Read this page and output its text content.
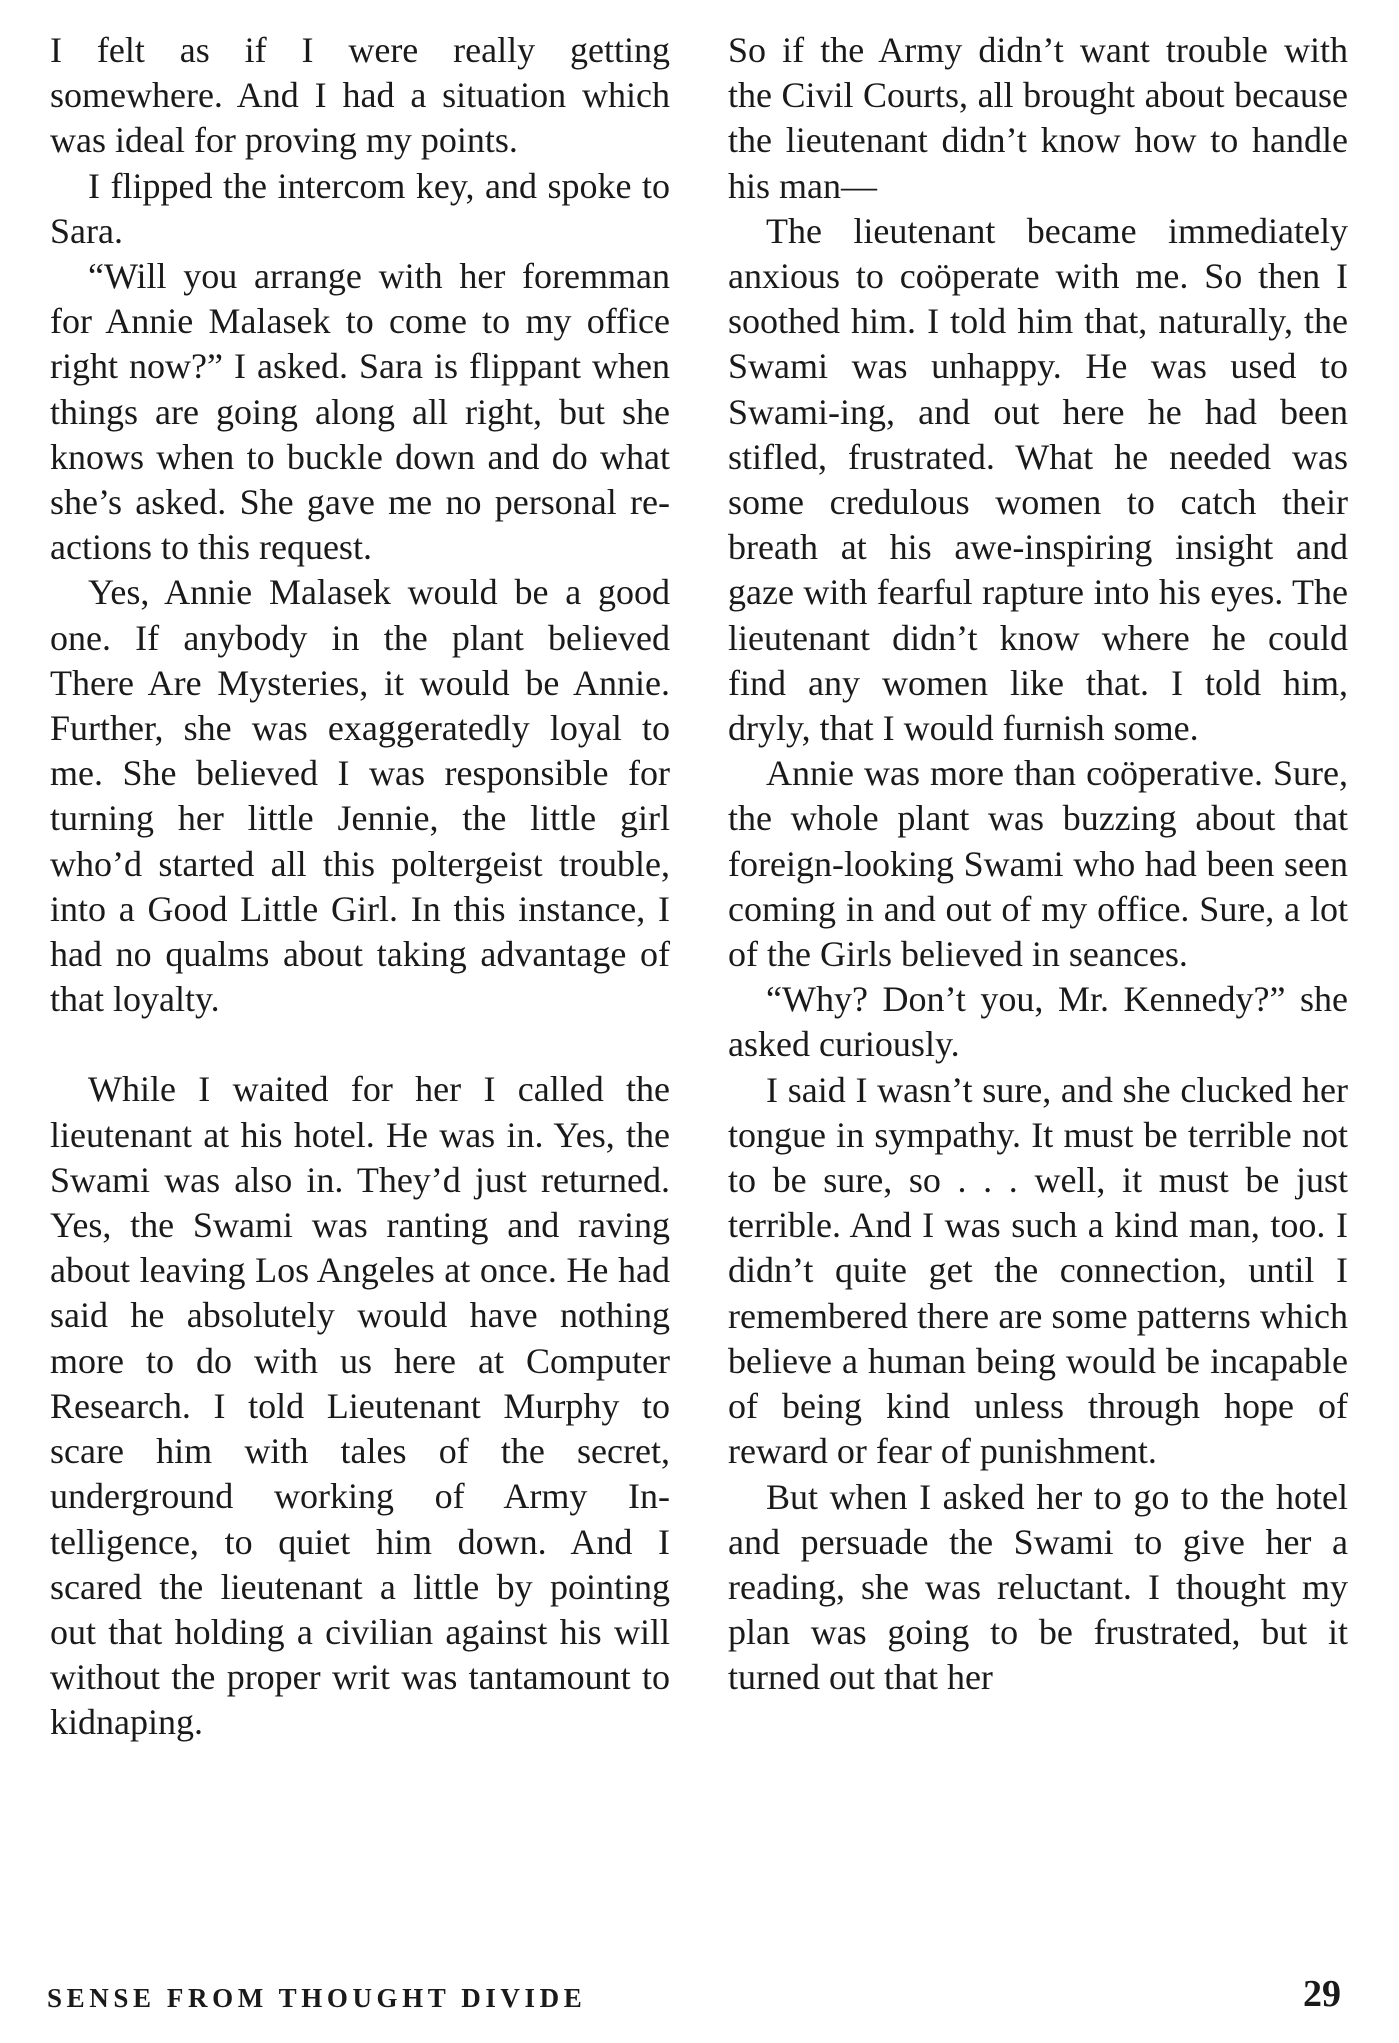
I felt as if I were really getting somewhere. And I had a situation which was ideal for proving my points.

I flipped the intercom key, and spoke to Sara.

“Will you arrange with her foremman for Annie Malasek to come to my office right now?” I asked. Sara is flippant when things are going along all right, but she knows when to buckle down and do what she’s asked. She gave me no personal reactions to this request.

Yes, Annie Malasek would be a good one. If anybody in the plant believed There Are Mysteries, it would be Annie. Further, she was exaggeratedly loyal to me. She believed I was responsible for turning her little Jennie, the little girl who’d started all this poltergeist trouble, into a Good Little Girl. In this instance, I had no qualms about taking advantage of that loyalty.

While I waited for her I called the lieutenant at his hotel. He was in. Yes, the Swami was also in. They’d just returned. Yes, the Swami was ranting and raving about leaving Los Angeles at once. He had said he absolutely would have nothing more to do with us here at Computer Research. I told Lieutenant Murphy to scare him with tales of the secret, underground working of Army Intelligence, to quiet him down. And I scared the lieutenant a little by pointing out that holding a civilian against his will without the proper writ was tantamount to kidnaping.

So if the Army didn’t want trouble with the Civil Courts, all brought about because the lieutenant didn’t know how to handle his man—

The lieutenant became immediately anxious to coöperate with me. So then I soothed him. I told him that, naturally, the Swami was unhappy. He was used to Swami-ing, and out here he had been stifled, frustrated. What he needed was some credulous women to catch their breath at his awe-inspiring insight and gaze with fearful rapture into his eyes. The lieutenant didn’t know where he could find any women like that. I told him, dryly, that I would furnish some.

Annie was more than coöperative. Sure, the whole plant was buzzing about that foreign-looking Swami who had been seen coming in and out of my office. Sure, a lot of the Girls believed in seances.

“Why? Don’t you, Mr. Kennedy?” she asked curiously.

I said I wasn’t sure, and she clucked her tongue in sympathy. It must be terrible not to be sure, so . . . well, it must be just terrible. And I was such a kind man, too. I didn’t quite get the connection, until I remembered there are some patterns which believe a human being would be incapable of being kind unless through hope of reward or fear of punishment.

But when I asked her to go to the hotel and persuade the Swami to give her a reading, she was reluctant. I thought my plan was going to be frustrated, but it turned out that her

SENSE FROM THOUGHT DIVIDE	29
